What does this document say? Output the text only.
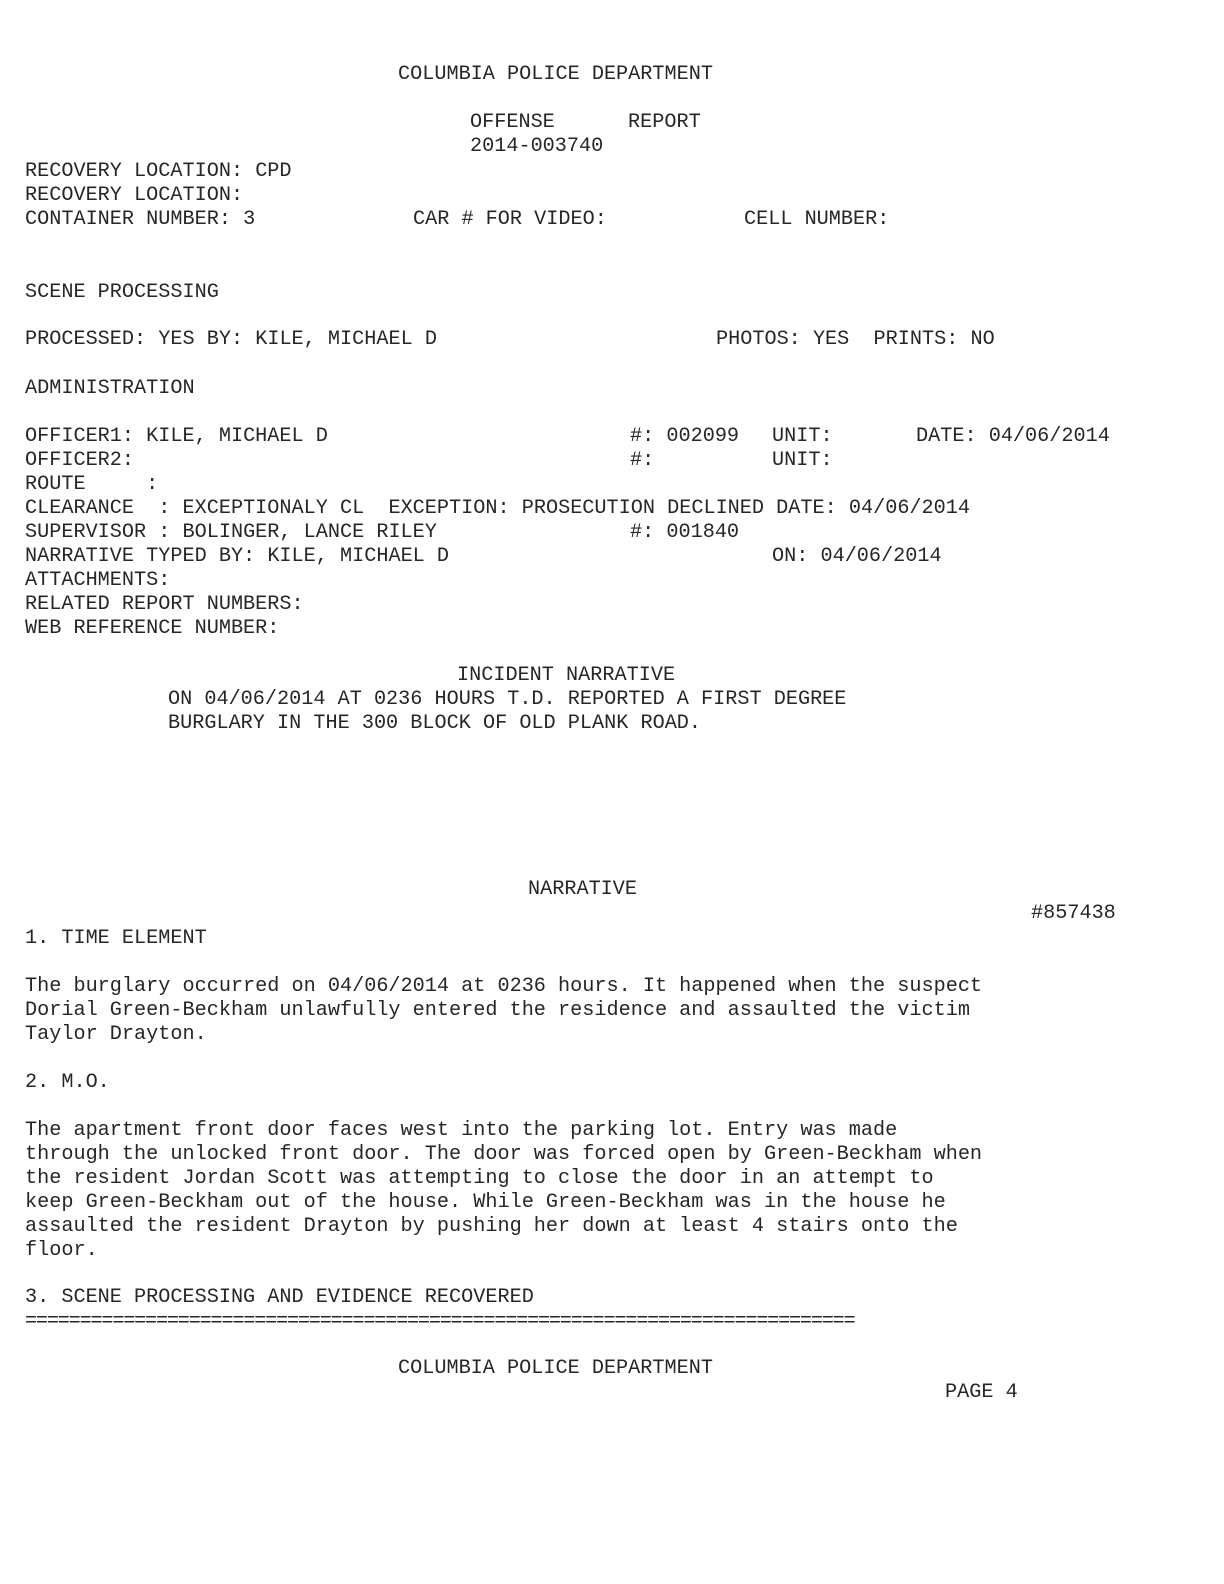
COLUMBIA POLICE DEPARTMENT
OFFENSE	REPORT
2014-003740
RECOVERY LOCATION: CPD
RECOVERY LOCATION:
CONTAINER NUMBER: 3	CAR # FOR VIDEO:	CELL NUMBER:
SCENE PROCESSING
PROCESSED: YES BY: KILE, MICHAEL D	PHOTOS: YES PRINTS: NO
ADMINISTRATION
OFFICER1: KILE, MICHAEL D	#: 002099 UNIT:	DATE: 04/06/2014
OFFICER2:	#:	UNIT:
ROUTE     :
CLEARANCE  : EXCEPTIONALY CL EXCEPTION: PROSECUTION DECLINED DATE: 04/06/2014
SUPERVISOR : BOLINGER, LANCE RILEY	#: 001840
NARRATIVE TYPED BY: KILE, MICHAEL D	ON: 04/06/2014
ATTACHMENTS:
RELATED REPORT NUMBERS:
WEB REFERENCE NUMBER:
INCIDENT NARRATIVE
ON 04/06/2014 AT 0236 HOURS T.D. REPORTED A FIRST DEGREE
BURGLARY IN THE 300 BLOCK OF OLD PLANK ROAD.
NARRATIVE
#857438
1. TIME ELEMENT
The burglary occurred on 04/06/2014 at 0236 hours. It happened when the suspect
Dorial Green-Beckham unlawfully entered the residence and assaulted the victim
Taylor Drayton.
2. M.O.
The apartment front door faces west into the parking lot. Entry was made
through the unlocked front door. The door was forced open by Green-Beckham when
the resident Jordan Scott was attempting to close the door in an attempt to
keep Green-Beckham out of the house. While Green-Beckham was in the house he
assaulted the resident Drayton by pushing her down at least 4 stairs onto the
floor.
3. SCENE PROCESSING AND EVIDENCE RECOVERED
============================================================================
COLUMBIA POLICE DEPARTMENT
PAGE 4
